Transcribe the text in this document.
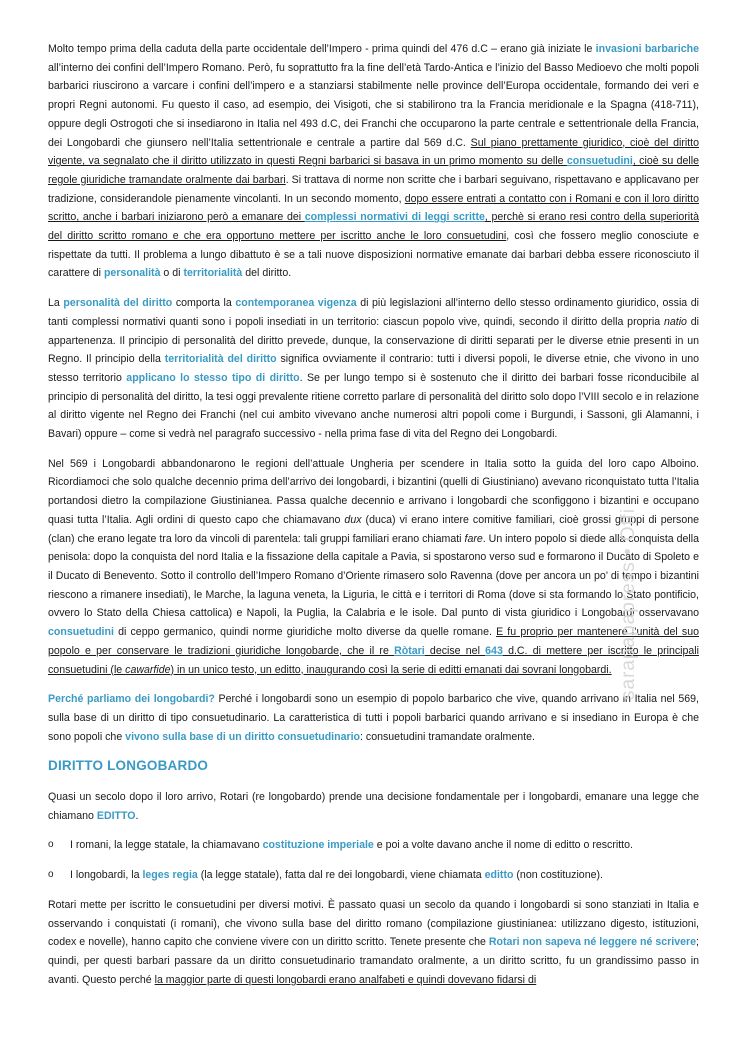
Molto tempo prima della caduta della parte occidentale dell’Impero - prima quindi del 476 d.C – erano già iniziate le invasioni barbariche all’interno dei confini dell’Impero Romano. Però, fu soprattutto fra la fine dell’età Tardo-Antica e l’inizio del Basso Medioevo che molti popoli barbarici riuscirono a varcare i confini dell’impero e a stanziarsi stabilmente nelle province dell’Europa occidentale, formando dei veri e propri Regni autonomi. Fu questo il caso, ad esempio, dei Visigoti, che si stabilirono tra la Francia meridionale e la Spagna (418-711), oppure degli Ostrogoti che si insediarono in Italia nel 493 d.C, dei Franchi che occuparono la parte centrale e settentrionale della Francia, dei Longobardi che giunsero nell’Italia settentrionale e centrale a partire dal 569 d.C. Sul piano prettamente giuridico, cioè del diritto vigente, va segnalato che il diritto utilizzato in questi Regni barbarici si basava in un primo momento su delle consuetudini, cioè su delle regole giuridiche tramandate oralmente dai barbari. Si trattava di norme non scritte che i barbari seguivano, rispettavano e applicavano per tradizione, considerandole pienamente vincolanti. In un secondo momento, dopo essere entrati a contatto con i Romani e con il loro diritto scritto, anche i barbari iniziarono però a emanare dei complessi normativi di leggi scritte, perchè si erano resi contro della superiorità del diritto scritto romano e che era opportuno mettere per iscritto anche le loro consuetudini, così che fossero meglio conosciute e rispettate da tutti. Il problema a lungo dibattuto è se a tali nuove disposizioni normative emanate dai barbari debba essere riconosciuto il carattere di personalità o di territorialità del diritto.

La personalità del diritto comporta la contemporanea vigenza di più legislazioni all’interno dello stesso ordinamento giuridico, ossia di tanti complessi normativi quanti sono i popoli insediati in un territorio: ciascun popolo vive, quindi, secondo il diritto della propria natio di appartenenza. Il principio di personalità del diritto prevede, dunque, la conservazione di diritti separati per le diverse etnie presenti in un Regno. Il principio della territorialità del diritto significa ovviamente il contrario: tutti i diversi popoli, le diverse etnie, che vivono in uno stesso territorio applicano lo stesso tipo di diritto. Se per lungo tempo si è sostenuto che il diritto dei barbari fosse riconducibile al principio di personalità del diritto, la tesi oggi prevalente ritiene corretto parlare di personalità del diritto solo dopo l’VIII secolo e in relazione al diritto vigente nel Regno dei Franchi (nel cui ambito vivevano anche numerosi altri popoli come i Burgundi, i Sassoni, gli Alamanni, i Bavari) oppure – come si vedrà nel paragrafo successivo - nella prima fase di vita del Regno dei Longobardi.

Nel 569 i Longobardi abbandonarono le regioni dell’attuale Ungheria per scendere in Italia sotto la guida del loro capo Alboino. Ricordiamoci che solo qualche decennio prima dell’arrivo dei longobardi, i bizantini (quelli di Giustiniano) avevano riconquistato tutta l’Italia portandosi dietro la compilazione Giustinianea. Passa qualche decennio e arrivano i longobardi che sconfiggono i bizantini e occupano quasi tutta l’Italia. Agli ordini di questo capo che chiamavano dux (duca) vi erano intere comitive familiari, cioè grossi gruppi di persone (clan) che erano legate tra loro da vincoli di parentela: tali gruppi familiari erano chiamati fare. Un intero popolo si diede alla conquista della penisola: dopo la conquista del nord Italia e la fissazione della capitale a Pavia, si spostarono verso sud e formarono il Ducato di Spoleto e il Ducato di Benevento. Sotto il controllo dell’Impero Romano d’Oriente rimasero solo Ravenna (dove per ancora un po’ di tempo i bizantini riescono a rimanere insediati), le Marche, la laguna veneta, la Liguria, le città e i territori di Roma (dove si sta formando lo Stato pontificio, ovvero lo Stato della Chiesa cattolica) e Napoli, la Puglia, la Calabria e le isole. Dal punto di vista giuridico i Longobardi osservavano consuetudini di ceppo germanico, quindi norme giuridiche molto diverse da quelle romane. E fu proprio per mantenere l’unità del suo popolo e per conservare le tradizioni giuridiche longobarde, che il re Ròtari decise nel 643 d.C. di mettere per iscritto le principali consuetudini (le cawarfide) in un unico testo, un editto, inaugurando così la serie di editti emanati dai sovrani longobardi.

Perché parliamo dei longobardi? Perché i longobardi sono un esempio di popolo barbarico che vive, quando arrivano in Italia nel 569, sulla base di un diritto di tipo consuetudinario. La caratteristica di tutti i popoli barbarici quando arrivano e si insediano in Europa è che sono popoli che vivono sulla base di un diritto consuetudinario: consuetudini tramandate oralmente.

DIRITTO LONGOBARDO

Quasi un secolo dopo il loro arrivo, Rotari (re longobardo) prende una decisione fondamentale per i longobardi, emanare una legge che chiamano EDITTO.

o	I romani, la legge statale, la chiamavano costituzione imperiale e poi a volte davano anche il nome di editto o rescritto.
o	I longobardi, la leges regia (la legge statale), fatta dal re dei longobardi, viene chiamata editto (non costituzione).

Rotari mette per iscritto le consuetudini per diversi motivi. È passato quasi un secolo da quando i longobardi si sono stanziati in Italia e osservando i conquistati (i romani), che vivono sulla base del diritto romano (compilazione giustinianea: utilizzano digesto, istituzioni, codex e novelle), hanno capito che conviene vivere con un diritto scritto. Tenete presente che Rotari non sapeva né leggere né scrivere; quindi, per questi barbari passare da un diritto consuetudinario tramandato oralmente, a un diritto scritto, fu un grandissimo passo in avanti. Questo perché la maggior parte di questi longobardi erano analfabeti e quindi dovevano fidarsi di

sarapapapress • Offi
